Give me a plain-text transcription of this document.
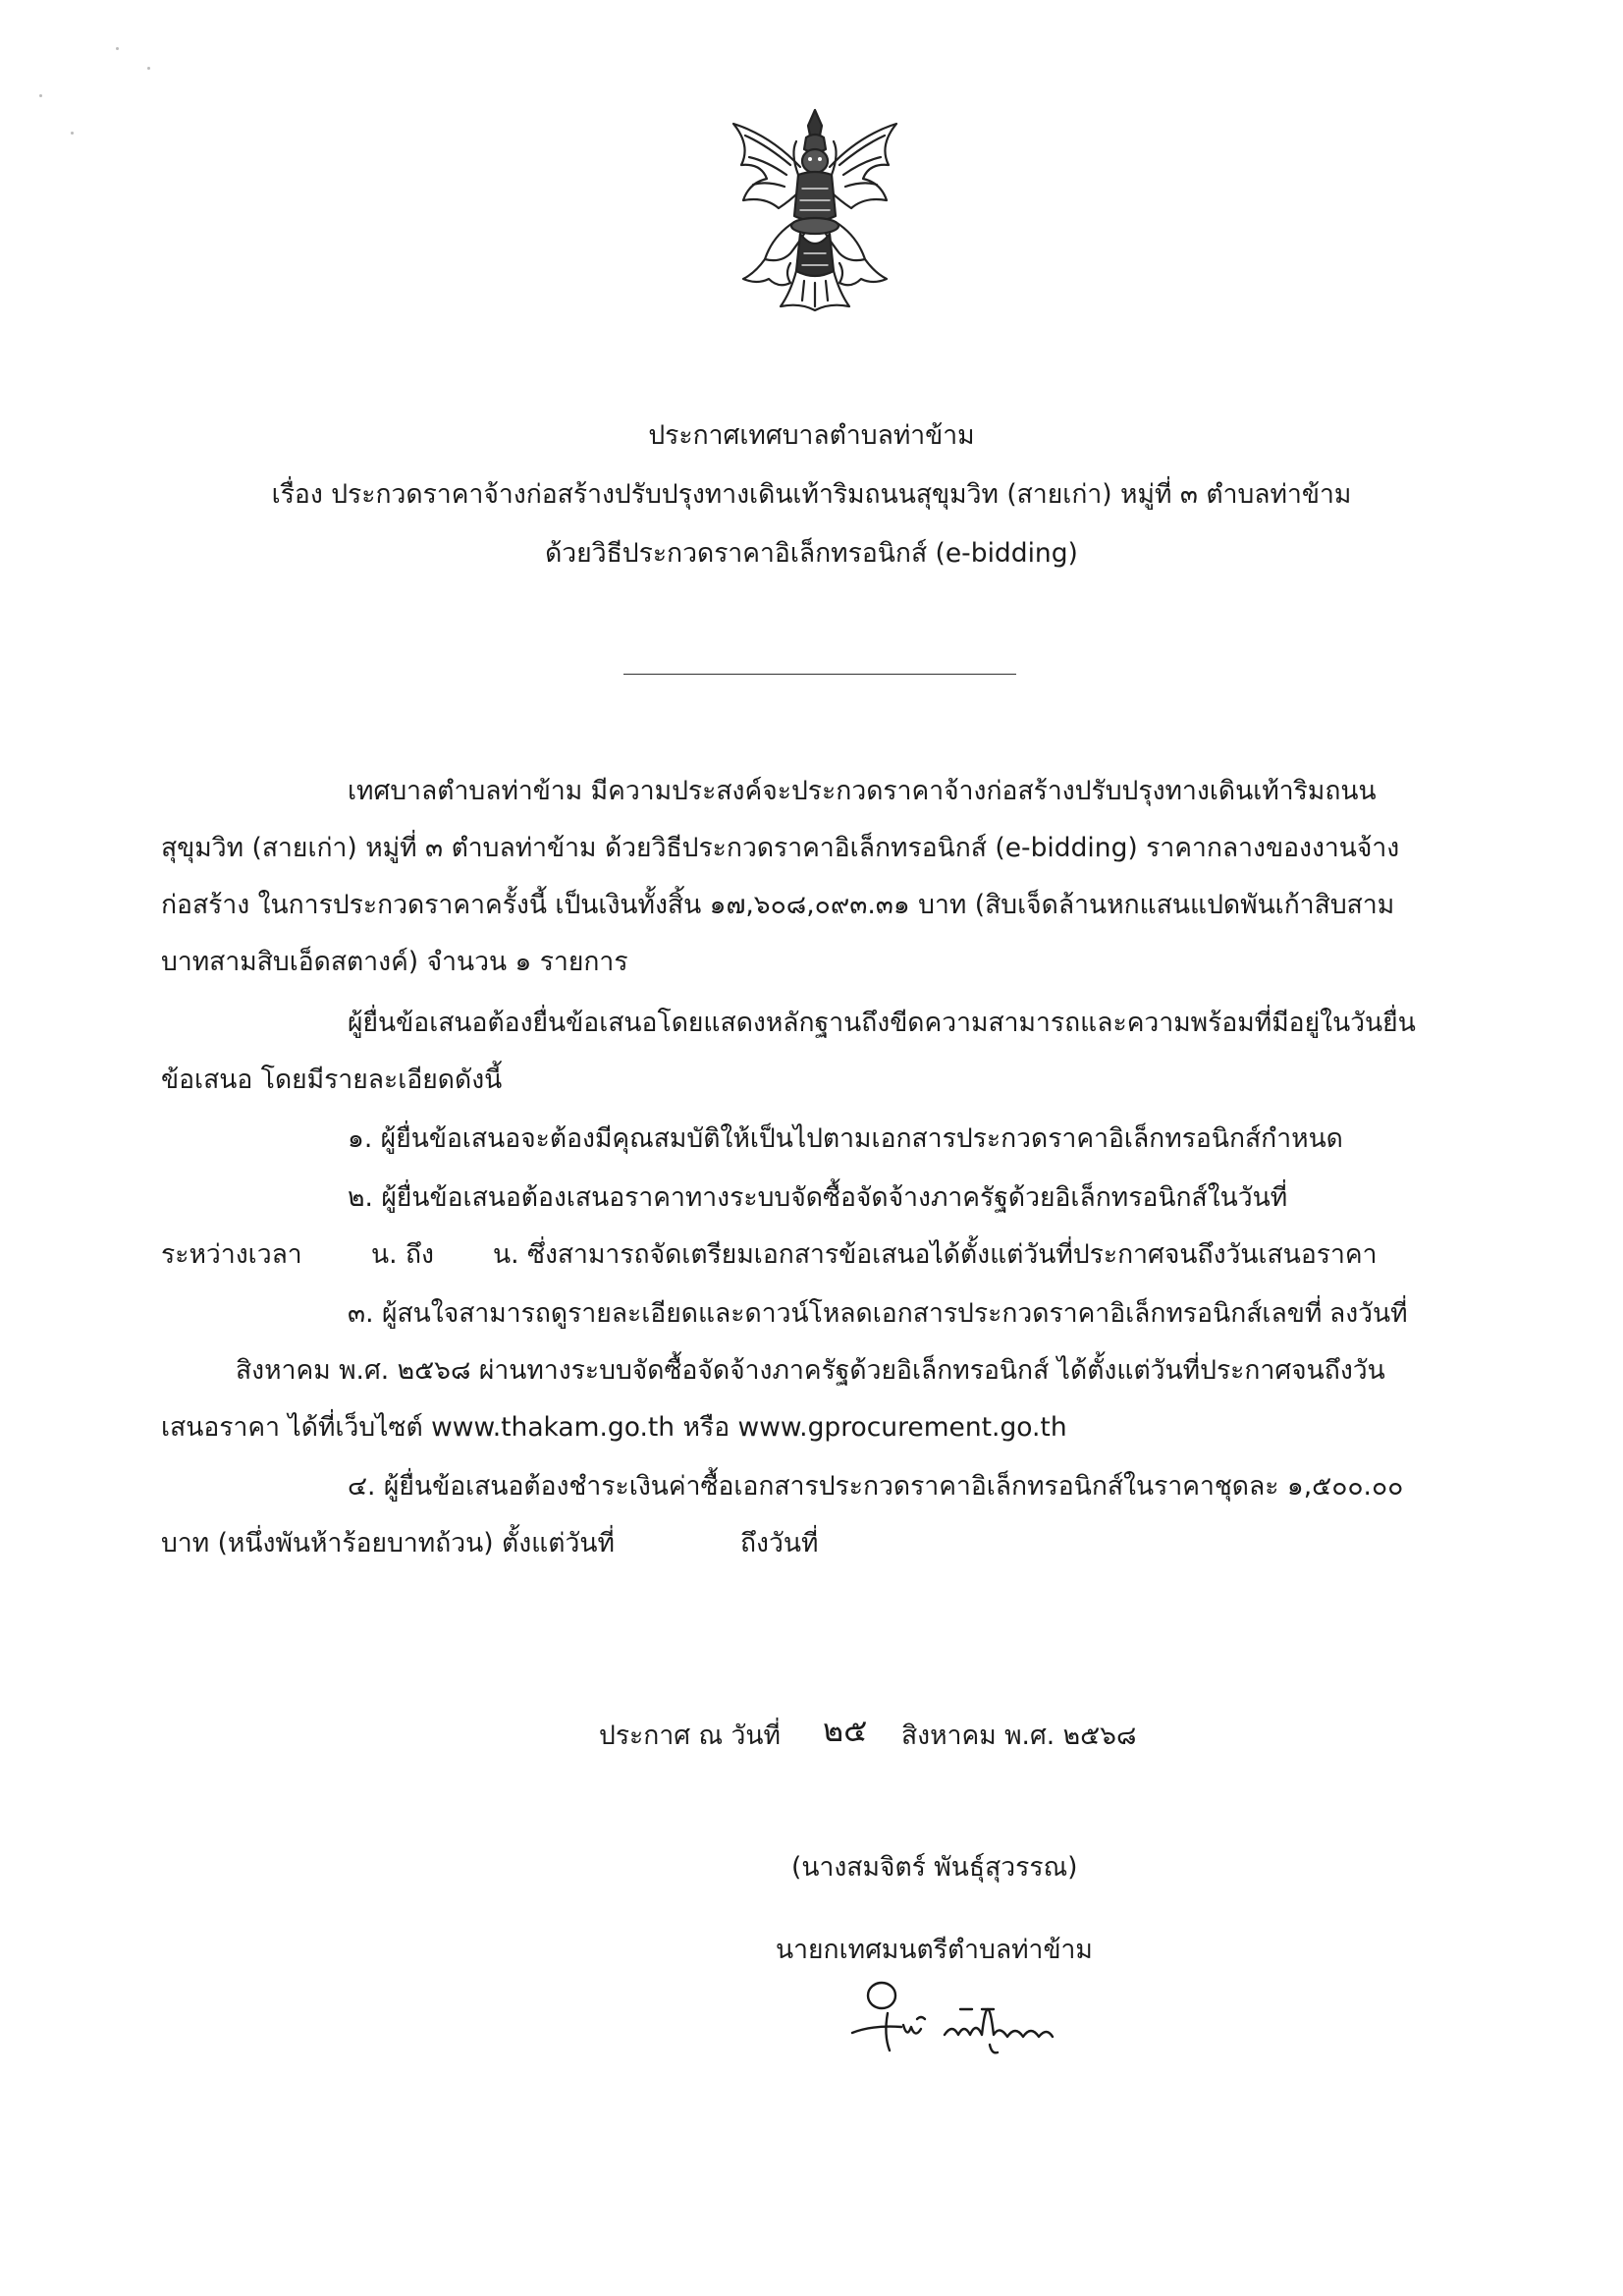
ประกาศเทศบาลตำบลท่าข้าม
เรื่อง ประกวดราคาจ้างก่อสร้างปรับปรุงทางเดินเท้าริมถนนสุขุมวิท (สายเก่า) หมู่ที่ ๓ ตำบลท่าข้าม
ด้วยวิธีประกวดราคาอิเล็กทรอนิกส์ (e-bidding)
เทศบาลตำบลท่าข้าม มีความประสงค์จะประกวดราคาจ้างก่อสร้างปรับปรุงทางเดินเท้าริมถนน
สุขุมวิท (สายเก่า) หมู่ที่ ๓ ตำบลท่าข้าม ด้วยวิธีประกวดราคาอิเล็กทรอนิกส์ (e-bidding) ราคากลางของงานจ้าง
ก่อสร้าง ในการประกวดราคาครั้งนี้ เป็นเงินทั้งสิ้น ๑๗,๖๐๘,๐๙๓.๓๑ บาท (สิบเจ็ดล้านหกแสนแปดพันเก้าสิบสาม
บาทสามสิบเอ็ดสตางค์) จำนวน ๑ รายการ
ผู้ยื่นข้อเสนอต้องยื่นข้อเสนอโดยแสดงหลักฐานถึงขีดความสามารถและความพร้อมที่มีอยู่ในวันยื่น
ข้อเสนอ โดยมีรายละเอียดดังนี้
๑. ผู้ยื่นข้อเสนอจะต้องมีคุณสมบัติให้เป็นไปตามเอกสารประกวดราคาอิเล็กทรอนิกส์กำหนด
๒. ผู้ยื่นข้อเสนอต้องเสนอราคาทางระบบจัดซื้อจัดจ้างภาครัฐด้วยอิเล็กทรอนิกส์ในวันที่
ระหว่างเวลา	น. ถึง น. ซึ่งสามารถจัดเตรียมเอกสารข้อเสนอได้ตั้งแต่วันที่ประกาศจนถึงวันเสนอราคา
๓. ผู้สนใจสามารถดูรายละเอียดและดาวน์โหลดเอกสารประกวดราคาอิเล็กทรอนิกส์เลขที่ ลงวันที่
สิงหาคม พ.ศ. ๒๕๖๘ ผ่านทางระบบจัดซื้อจัดจ้างภาครัฐด้วยอิเล็กทรอนิกส์ ได้ตั้งแต่วันที่ประกาศจนถึงวัน
เสนอราคา ได้ที่เว็บไซต์ www.thakam.go.th หรือ www.gprocurement.go.th
๔. ผู้ยื่นข้อเสนอต้องชำระเงินค่าซื้อเอกสารประกวดราคาอิเล็กทรอนิกส์ในราคาชุดละ ๑,๕๐๐.๐๐
บาท (หนึ่งพันห้าร้อยบาทถ้วน) ตั้งแต่วันที่	ถึงวันที่
ประกาศ ณ วันที่ ๒๕ สิงหาคม พ.ศ. ๒๕๖๘
(นางสมจิตร์ พันธุ์สุวรรณ)
นายกเทศมนตรีตำบลท่าข้าม
